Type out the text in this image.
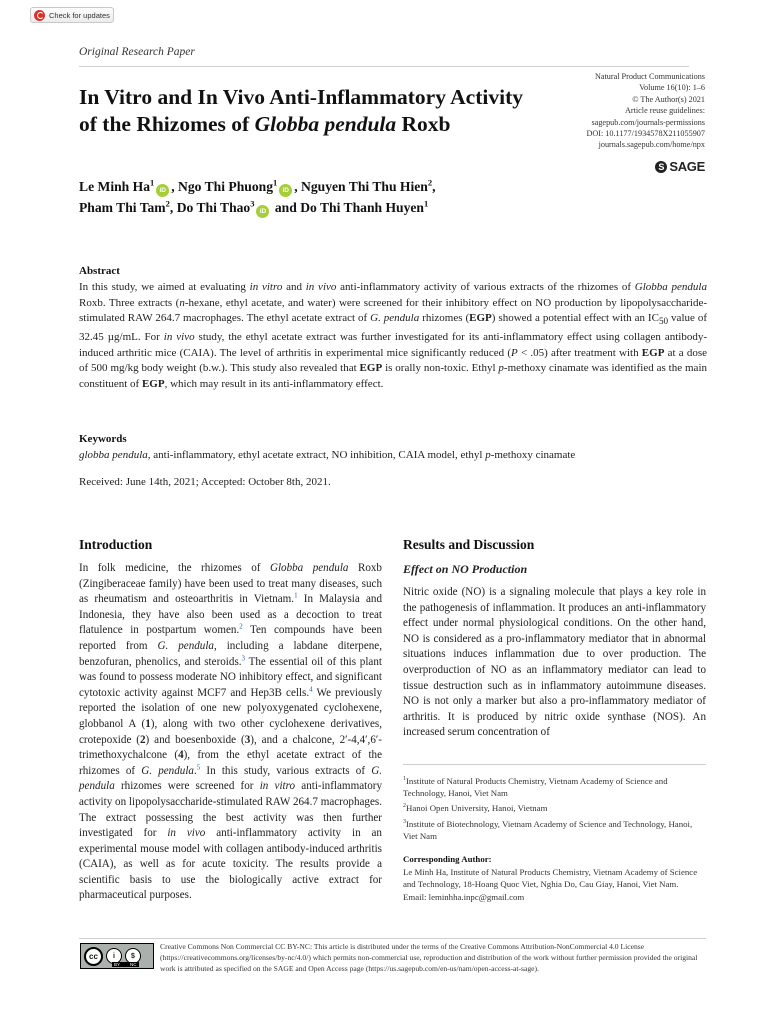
Check for updates
Original Research Paper
In Vitro and In Vivo Anti-Inflammatory Activity
of the Rhizomes of Globba pendula Roxb
Natural Product Communications
Volume 16(10): 1–6
© The Author(s) 2021
Article reuse guidelines:
sagepub.com/journals-permissions
DOI: 10.1177/1934578X211055907
journals.sagepub.com/home/npx
S SAGE
Le Minh Ha$^1$iD , Ngo Thi Phuong$^1$iD , Nguyen Thi Thu Hien$^2$,
Pham Thi Tam$^2$, Do Thi Thao$^3$iD and Do Thi Thanh Huyen$^1$
Abstract
In this study, we aimed at evaluating in vitro and in vivo anti-inflammatory activity of various extracts of the rhizomes of Globba pendula Roxb. Three extracts (n-hexane, ethyl acetate, and water) were screened for their inhibitory effect on NO production by lipopolysaccharide-stimulated RAW 264.7 macrophages. The ethyl acetate extract of G. pendula rhizomes (EGP) showed a potential effect with an $IC_{50}$ value of 32.45 µg/mL. For in vivo study, the ethyl acetate extract was further investigated for its anti-inflammatory effect using collagen antibody-induced arthritic mice (CAIA). The level of arthritis in experimental mice significantly reduced (P < .05) after treatment with EGP at a dose of 500 mg/kg body weight (b.w.). This study also revealed that EGP is orally non-toxic. Ethyl p-methoxy cinamate was identified as the main constituent of EGP, which may result in its anti-inflammatory effect.
Keywords
globba pendula, anti-inflammatory, ethyl acetate extract, NO inhibition, CAIA model, ethyl p-methoxy cinamate
Received: June 14th, 2021; Accepted: October 8th, 2021.
Introduction
In folk medicine, the rhizomes of Globba pendula Roxb (Zingiberaceae family) have been used to treat many diseases, such as rheumatism and osteoarthritis in Vietnam.$^1$ In Malaysia and Indonesia, they have also been used as a decoction to treat flatulence in postpartum women.$^2$ Ten compounds have been reported from G. pendula, including a labdane diterpene, benzofuran, phenolics, and steroids.$^3$ The essential oil of this plant was found to possess moderate NO inhibitory effect, and significant cytotoxic activity against MCF7 and Hep3B cells.$^4$ We previously reported the isolation of one new polyoxygenated cyclohexene, globbanol A (1), along with two other cyclohexene derivatives, crotepoxide (2) and boesenboxide (3), and a chalcone, 2′-4,4′,6′-trimethoxychalcone (4), from the ethyl acetate extract of the rhizomes of G. pendula.$^5$ In this study, various extracts of G. pendula rhizomes were screened for in vitro anti-inflammatory activity on lipopolysaccharide-stimulated RAW 264.7 macrophages. The extract possessing the best activity was then further investigated for in vivo anti-inflammatory activity in an experimental mouse model with collagen antibody-induced arthritis (CAIA), as well as for acute toxicity. The results provide a scientific basis to use the biologically active extract for pharmaceutical purposes.
Results and Discussion
Effect on NO Production
Nitric oxide (NO) is a signaling molecule that plays a key role in the pathogenesis of inflammation. It produces an anti-inflammatory effect under normal physiological conditions. On the other hand, NO is considered as a pro-inflammatory mediator that in abnormal situations induces inflammation due to over production. The overproduction of NO as an inflammatory mediator can lead to tissue destruction such as in inflammatory autoimmune diseases. NO is not only a marker but also a pro-inflammatory mediator of arthritis. It is produced by nitric oxide synthase (NOS). An increased serum concentration of

$^1$Institute of Natural Products Chemistry, Vietnam Academy of Science and Technology, Hanoi, Viet Nam

$^2$Hanoi Open University, Hanoi, Vietnam

$^3$Institute of Biotechnology, Vietnam Academy of Science and Technology, Hanoi, Viet Nam

Corresponding Author:
Le Minh Ha, Institute of Natural Products Chemistry, Vietnam Academy of Science and Technology, 18-Hoang Quoc Viet, Nghia Do, Cau Giay, Hanoi, Viet Nam.
Email: leminhha.inpc@gmail.com
cc	i	$
BY NC
Creative Commons Non Commercial CC BY-NC: This article is distributed under the terms of the Creative Commons Attribution-NonCommercial 4.0 License (https://creativecommons.org/licenses/by-nc/4.0/) which permits non-commercial use, reproduction and distribution of the work without further permission provided the original work is attributed as specified on the SAGE and Open Access page (https://us.sagepub.com/en-us/nam/open-access-at-sage).
